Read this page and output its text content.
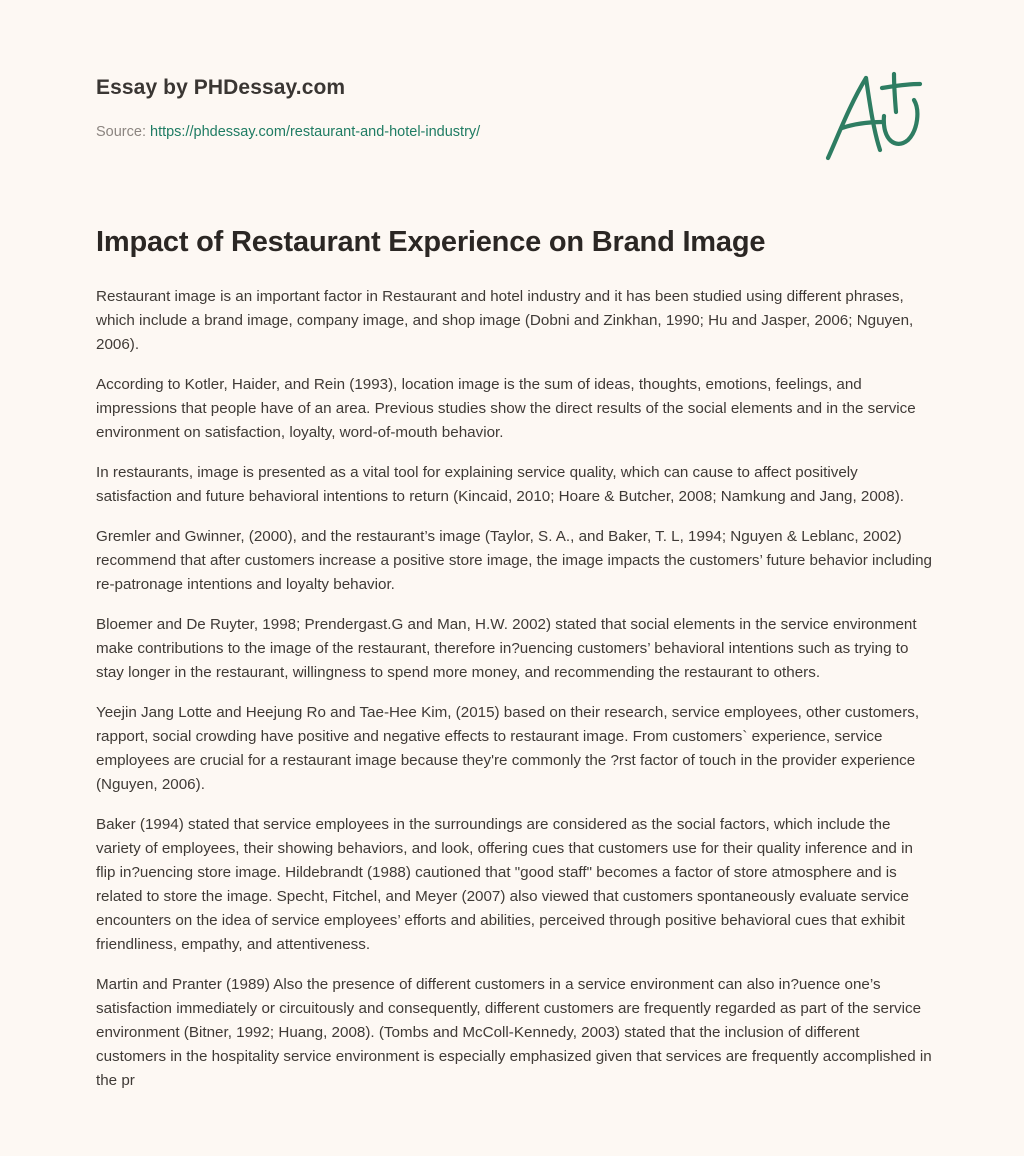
Essay by PHDessay.com
Source: https://phdessay.com/restaurant-and-hotel-industry/
Impact of Restaurant Experience on Brand Image

Restaurant image is an important factor in Restaurant and hotel industry and it has been studied using different phrases, which include a brand image, company image, and shop image (Dobni and Zinkhan, 1990; Hu and Jasper, 2006; Nguyen, 2006).

According to Kotler, Haider, and Rein (1993), location image is the sum of ideas, thoughts, emotions, feelings, and impressions that people have of an area. Previous studies show the direct results of the social elements and in the service environment on satisfaction, loyalty, word-of-mouth behavior.

In restaurants, image is presented as a vital tool for explaining service quality, which can cause to affect positively satisfaction and future behavioral intentions to return (Kincaid, 2010; Hoare & Butcher, 2008; Namkung and Jang, 2008).

Gremler and Gwinner, (2000), and the restaurant’s image (Taylor, S. A., and Baker, T. L, 1994; Nguyen & Leblanc, 2002) recommend that after customers increase a positive store image, the image impacts the customers’ future behavior including re-patronage intentions and loyalty behavior.

Bloemer and De Ruyter, 1998; Prendergast.G and Man, H.W. 2002) stated that social elements in the service environment make contributions to the image of the restaurant, therefore in?uencing customers’ behavioral intentions such as trying to stay longer in the restaurant, willingness to spend more money, and recommending the restaurant to others.

Yeejin Jang Lotte and Heejung Ro and Tae-Hee Kim, (2015) based on their research, service employees, other customers, rapport, social crowding have positive and negative effects to restaurant image. From customers` experience, service employees are crucial for a restaurant image because they're commonly the ?rst factor of touch in the provider experience (Nguyen, 2006).

Baker (1994) stated that service employees in the surroundings are considered as the social factors, which include the variety of employees, their showing behaviors, and look, offering cues that customers use for their quality inference and in flip in?uencing store image. Hildebrandt (1988) cautioned that "good staff" becomes a factor of store atmosphere and is related to store the image. Specht, Fitchel, and Meyer (2007) also viewed that customers spontaneously evaluate service encounters on the idea of service employees’ efforts and abilities, perceived through positive behavioral cues that exhibit friendliness, empathy, and attentiveness.

Martin and Pranter (1989) Also the presence of different customers in a service environment can also in?uence one’s satisfaction immediately or circuitously and consequently, different customers are frequently regarded as part of the service environment (Bitner, 1992; Huang, 2008). (Tombs and McColl-Kennedy, 2003) stated that the inclusion of different customers in the hospitality service environment is especially emphasized given that services are frequently accomplished in the pr
